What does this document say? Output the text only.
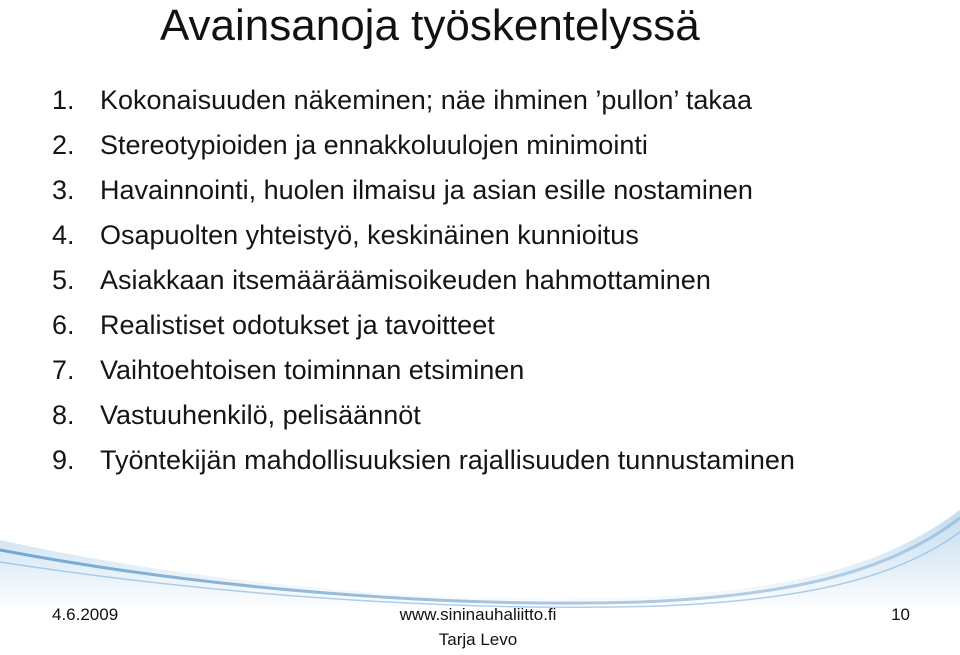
Avainsanoja työskentelyssä
1. Kokonaisuuden näkeminen; näe ihminen ’pullon’ takaa
2. Stereotypioiden ja ennakkoluulojen minimointi
3. Havainnointi, huolen ilmaisu ja asian esille nostaminen
4. Osapuolten yhteistyö, keskinäinen kunnioitus
5. Asiakkaan itsemääräämisoikeuden hahmottaminen
6. Realistiset odotukset ja tavoitteet
7. Vaihtoehtoisen toiminnan etsiminen
8. Vastuuhenkilö, pelisäännöt
9. Työntekijän mahdollisuuksien rajallisuuden tunnustaminen
4.6.2009	www.sininauhaliitto.fi
Tarja Levo
10
